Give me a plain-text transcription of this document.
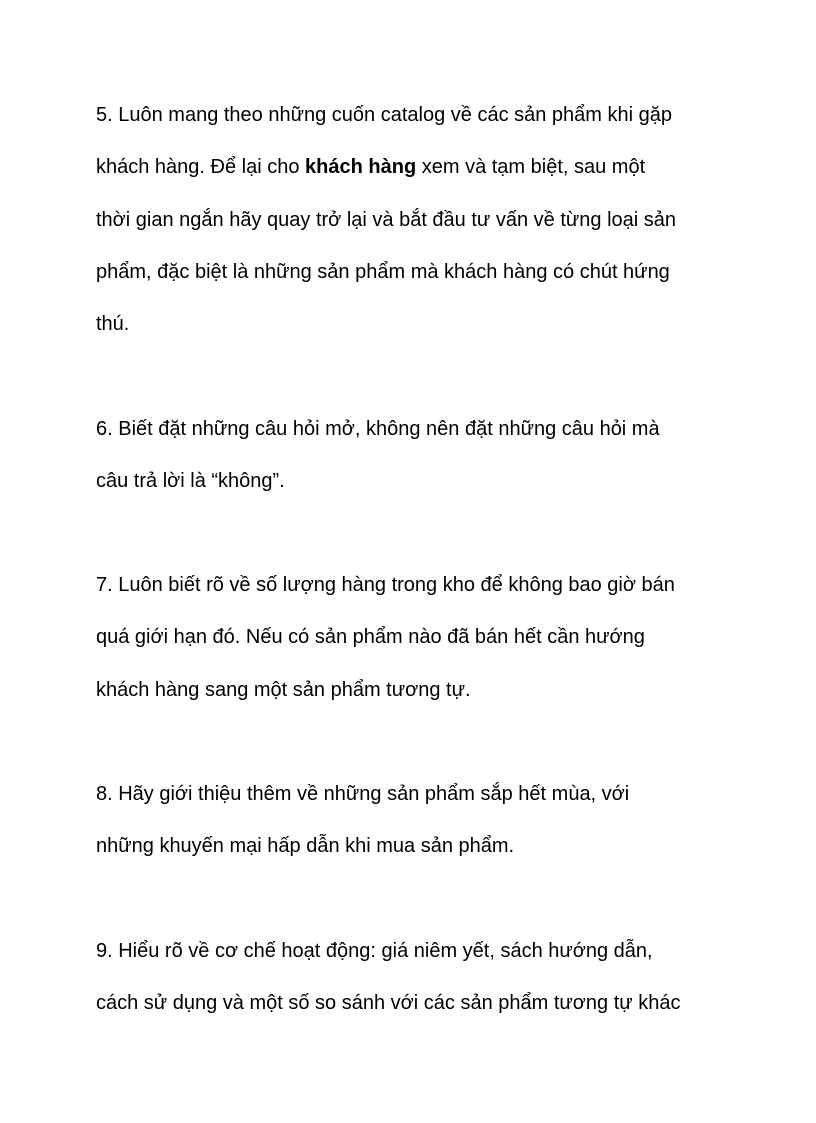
5. Luôn mang theo những cuốn catalog về các sản phẩm khi gặp
khách hàng. Để lại cho khách hàng xem và tạm biệt, sau một
thời gian ngắn hãy quay trở lại và bắt đầu tư vấn về từng loại sản
phẩm, đặc biệt là những sản phẩm mà khách hàng có chút hứng
thú.
6. Biết đặt những câu hỏi mở, không nên đặt những câu hỏi mà
câu trả lời là “không”.
7. Luôn biết rõ về số lượng hàng trong kho để không bao giờ bán
quá giới hạn đó. Nếu có sản phẩm nào đã bán hết cần hướng
khách hàng sang một sản phẩm tương tự.
8. Hãy giới thiệu thêm về những sản phẩm sắp hết mùa, với
những khuyến mại hấp dẫn khi mua sản phẩm.
9. Hiểu rõ về cơ chế hoạt động: giá niêm yết, sách hướng dẫn,
cách sử dụng và một số so sánh với các sản phẩm tương tự khác
